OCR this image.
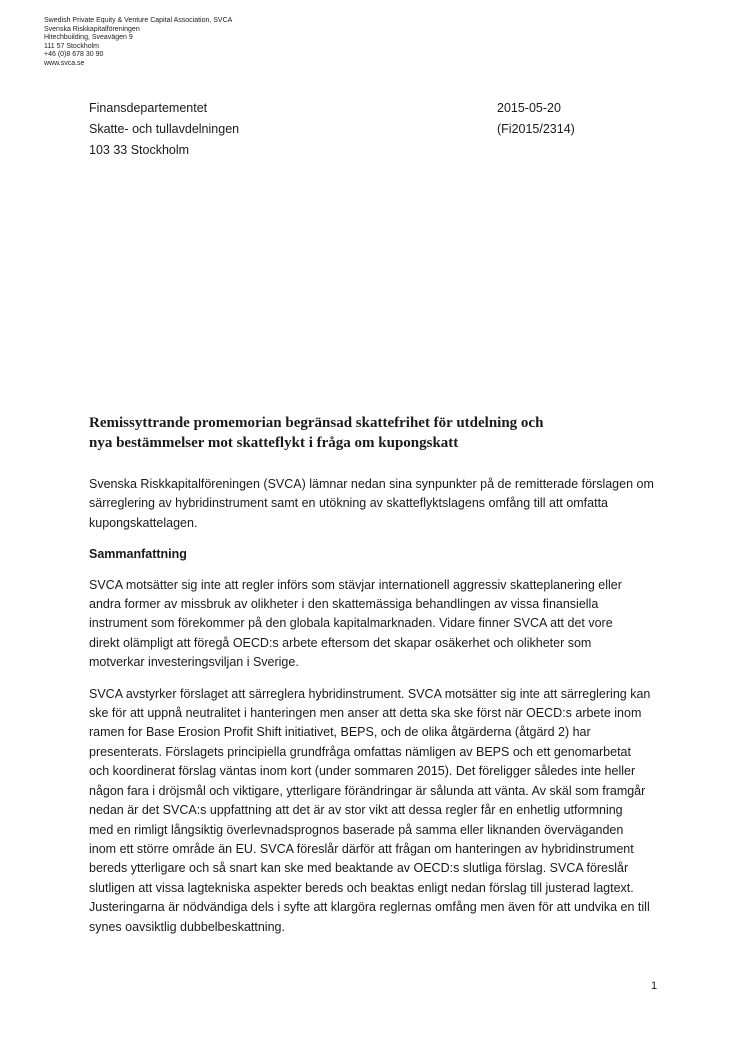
Swedish Private Equity & Venture Capital Association, SVCA
Svenska Riskkapitalföreningen
Hitechbuilding, Sveavägen 9
111 57 Stockholm
+46 (0)8 678 30 90
www.svca.se
Finansdepartementet
Skatte- och tullavdelningen
103 33 Stockholm
2015-05-20
(Fi2015/2314)
Remissyttrande promemorian begränsad skattefrihet för utdelning och
nya bestämmelser mot skatteflykt i fråga om kupongskatt

Svenska Riskkapitalföreningen (SVCA) lämnar nedan sina synpunkter på de remitterade förslagen om
särreglering av hybridinstrument samt en utökning av skatteflyktslagens omfång till att omfatta
kupongskattelagen.

Sammanfattning

SVCA motsätter sig inte att regler införs som stävjar internationell aggressiv skatteplanering eller
andra former av missbruk av olikheter i den skattemässiga behandlingen av vissa finansiella
instrument som förekommer på den globala kapitalmarknaden. Vidare finner SVCA att det vore
direkt olämpligt att föregå OECD:s arbete eftersom det skapar osäkerhet och olikheter som
motverkar investeringsviljan i Sverige.

SVCA avstyrker förslaget att särreglera hybridinstrument. SVCA motsätter sig inte att särreglering kan
ske för att uppnå neutralitet i hanteringen men anser att detta ska ske först när OECD:s arbete inom
ramen for Base Erosion Profit Shift initiativet, BEPS, och de olika åtgärderna (åtgärd 2) har
presenterats. Förslagets principiella grundfråga omfattas nämligen av BEPS och ett genomarbetat
och koordinerat förslag väntas inom kort (under sommaren 2015). Det föreligger således inte heller
någon fara i dröjsmål och viktigare, ytterligare förändringar är sålunda att vänta. Av skäl som framgår
nedan är det SVCA:s uppfattning att det är av stor vikt att dessa regler får en enhetlig utformning
med en rimligt långsiktig överlevnadsprognos baserade på samma eller liknanden överväganden
inom ett större område än EU. SVCA föreslår därför att frågan om hanteringen av hybridinstrument
bereds ytterligare och så snart kan ske med beaktande av OECD:s slutliga förslag. SVCA föreslår
slutligen att vissa lagtekniska aspekter bereds och beaktas enligt nedan förslag till justerad lagtext.
Justeringarna är nödvändiga dels i syfte att klargöra reglernas omfång men även för att undvika en till
synes oavsiktlig dubbelbeskattning.

1
